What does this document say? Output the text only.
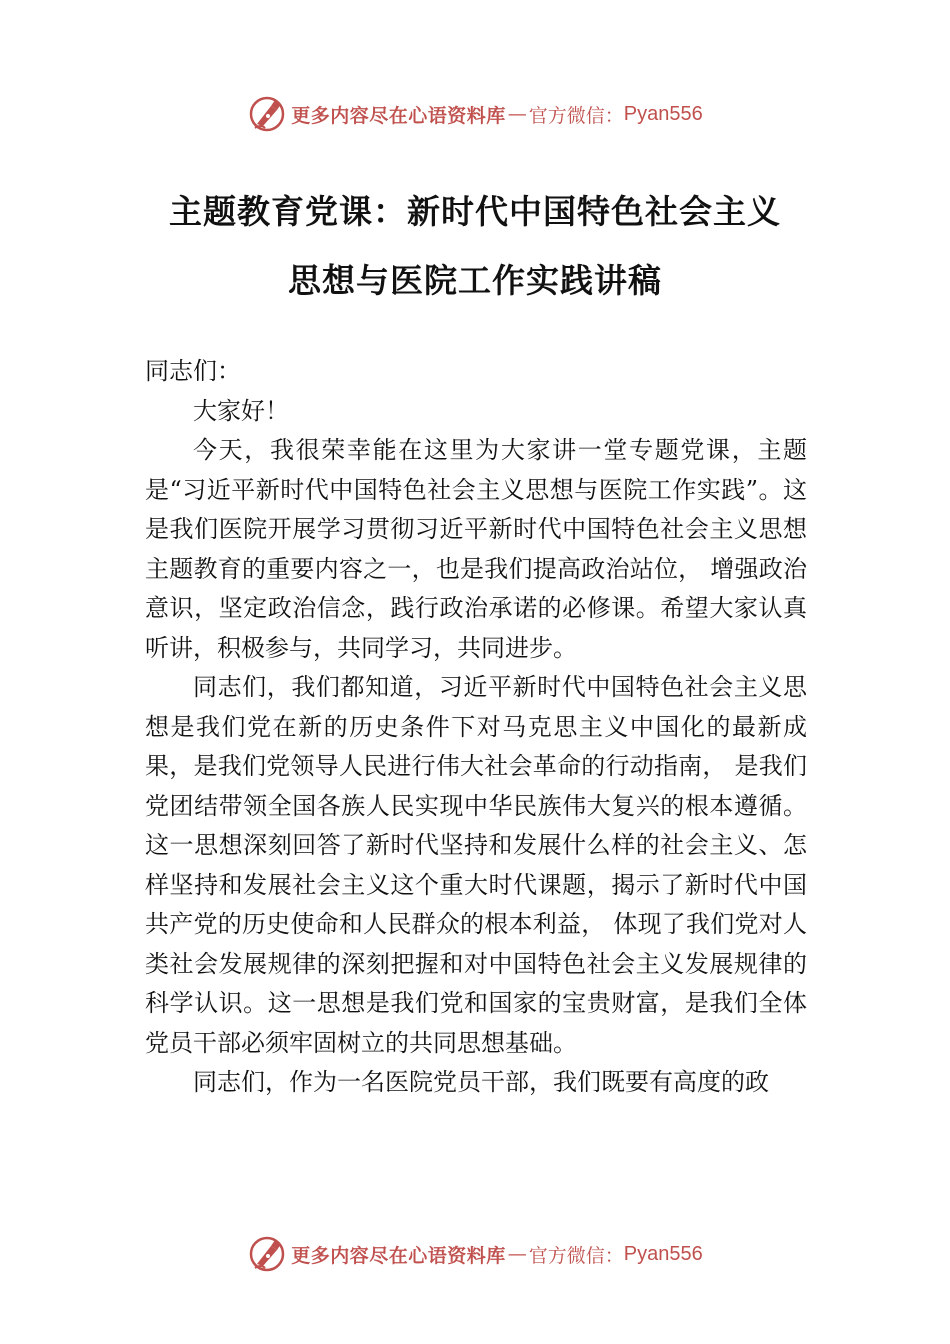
更多内容尽在心语资料库 — 官方微信： Pyan556
主题教育党课：新时代中国特色社会主义
思想与医院工作实践讲稿

同志们：

大家好！

今天，我很荣幸能在这里为大家讲一堂专题党课，主题是“习近平新时代中国特色社会主义思想与医院工作实践”。这是我们医院开展学习贯彻习近平新时代中国特色社会主义思想主题教育的重要内容之一，也是我们提高政治站位， 增强政治意识，坚定政治信念，践行政治承诺的必修课。希望大家认真听讲，积极参与，共同学习，共同进步。

同志们，我们都知道，习近平新时代中国特色社会主义思想是我们党在新的历史条件下对马克思主义中国化的最新成果，是我们党领导人民进行伟大社会革命的行动指南， 是我们党团结带领全国各族人民实现中华民族伟大复兴的根本遵循。这一思想深刻回答了新时代坚持和发展什么样的社会主义、怎样坚持和发展社会主义这个重大时代课题，揭示了新时代中国共产党的历史使命和人民群众的根本利益， 体现了我们党对人类社会发展规律的深刻把握和对中国特色社会主义发展规律的科学认识。这一思想是我们党和国家的宝贵财富，是我们全体党员干部必须牢固树立的共同思想基础。

同志们，作为一名医院党员干部，我们既要有高度的政

更多内容尽在心语资料库 — 官方微信： Pyan556
